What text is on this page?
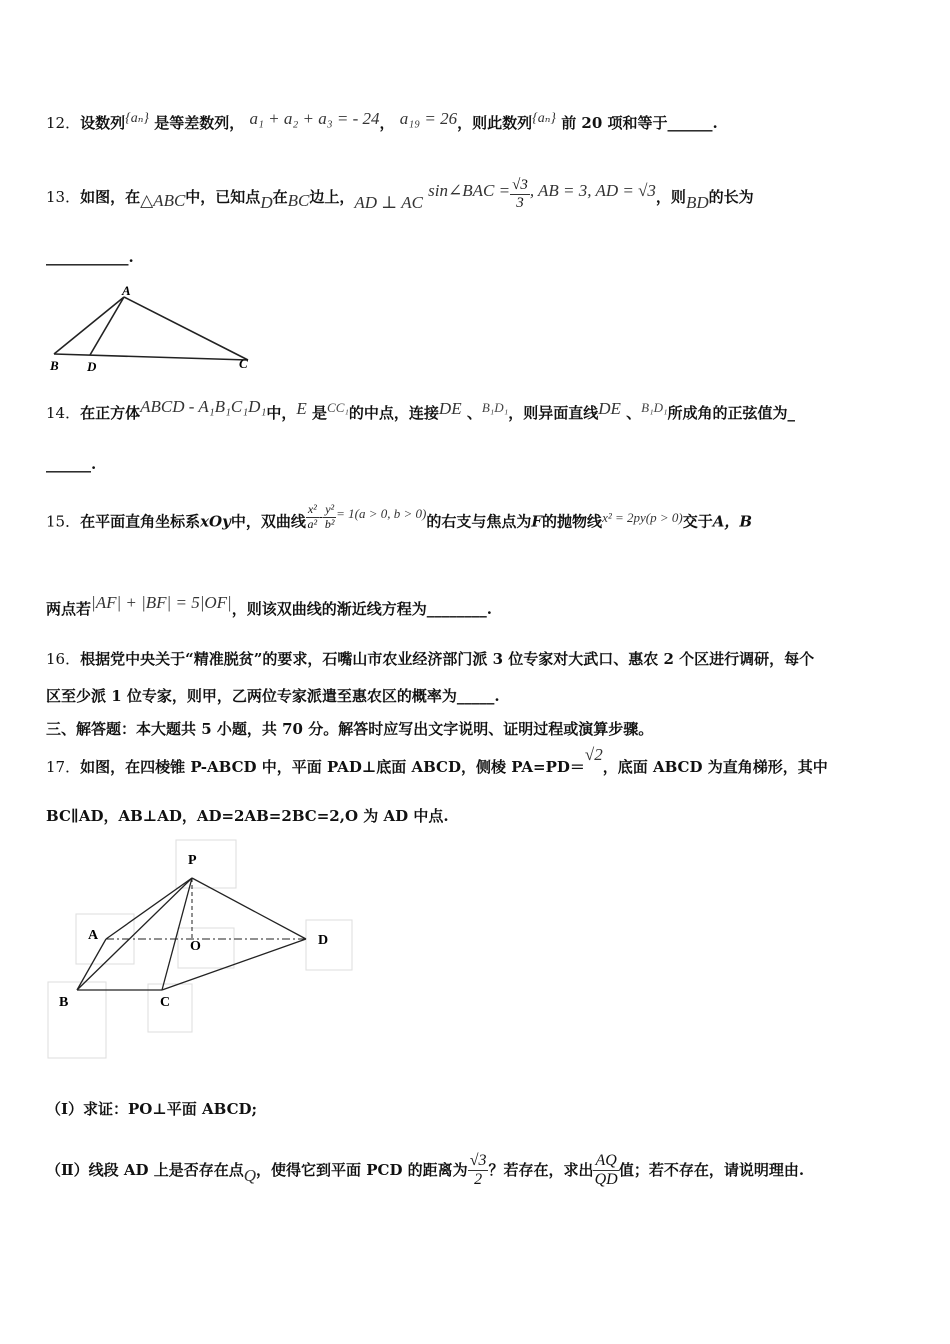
12．设数列{aₙ} 是等差数列， a₁ + a₂ + a₃ = - 24， a₁₉ = 26，则此数列{aₙ} 前 20 项和等于______.
13．如图，在△ABC中，已知点D在BC边上，AD ⊥ AC sin∠BAC = $\frac{√3}{3}$ , AB = 3, AD = √3，则BD的长为
___________.
A
B D	C
14．在正方体ABCD - A₁B₁C₁D₁中，E 是CC₁的中点，连接DE 、B₁D₁，则异面直线DE 、B₁D₁所成角的正弦值为_
______.
15．在平面直角坐标系xOy中，双曲线 $\frac{\text{x²}}{\text{a²}} - \frac{\text{y²}}{\text{b²}} = 1(a > 0$, b > 0)的右支与焦点为F的抛物线x² = 2py(p > 0)交于A，B
两点若|AF| + |BF| = 5|OF|，则该双曲线的渐近线方程为________.
16．根据党中央关于“精准脱贫”的要求，石嘴山市农业经济部门派 3 位专家对大武口、惠农 2 个区进行调研，每个
区至少派 1 位专家，则甲，乙两位专家派遣至惠农区的概率为_____.
三、解答题：本大题共 5 小题，共 70 分。解答时应写出文字说明、证明过程或演算步骤。
17．如图，在四棱锥 P-ABCD 中，平面 PAD⊥底面 ABCD，侧棱 PA=PD＝√2，底面 ABCD 为直角梯形，其中
BC∥AD，AB⊥AD，AD=2AB=2BC=2,O 为 AD 中点.
P
A
O	D
B	C
（Ⅰ）求证：PO⊥平面 ABCD;
（Ⅱ）线段 AD 上是否存在点Q，使得它到平面 PCD 的距离为 $\frac{√3}{2}$ ？若存在，求出 $\frac{AQ}{QD}$ 值；若不存在，请说明理由.
